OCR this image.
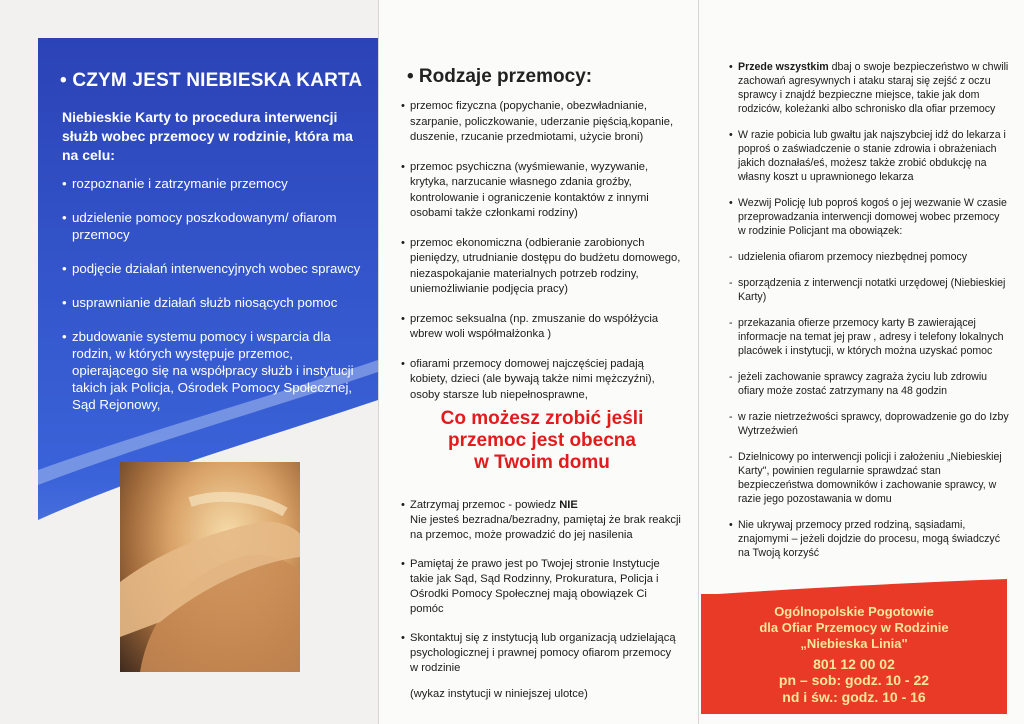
• CZYM JEST NIEBIESKA KARTA
Niebieskie Karty to procedura interwencji służb wobec przemocy w rodzinie, która ma na celu:
• rozpoznanie i zatrzymanie przemocy
• udzielenie pomocy poszkodowanym/ ofiarom przemocy
• podjęcie działań interwencyjnych wobec sprawcy
• usprawnianie działań służb niosących pomoc
• zbudowanie systemu pomocy i wsparcia dla rodzin, w których występuje przemoc, opierającego się na współpracy służb i instytucji takich jak Policja, Ośrodek Pomocy Społecznej, Sąd Rejonowy,
• Rodzaje przemocy:
• przemoc fizyczna (popychanie, obezwładnianie, szarpanie, policzkowanie, uderzanie pięścią,kopanie, duszenie, rzucanie przedmiotami, użycie broni)
• przemoc psychiczna (wyśmiewanie, wyzywanie, krytyka, narzucanie własnego zdania groźby, kontrolowanie i ograniczenie kontaktów z innymi osobami także członkami rodziny)
• przemoc ekonomiczna (odbieranie zarobionych pieniędzy, utrudnianie dostępu do budżetu domowego, niezaspokajanie materialnych potrzeb rodziny, uniemożliwianie podjęcia pracy)
• przemoc seksualna (np. zmuszanie do współżycia wbrew woli współmałżonka )
• ofiarami przemocy domowej najczęściej padają kobiety, dzieci (ale bywają także nimi mężczyźni), osoby starsze lub niepełnosprawne,
Co możesz zrobić jeśli
przemoc jest obecna
w Twoim domu
• Zatrzymaj przemoc - powiedz NIE
Nie jesteś bezradna/bezradny, pamiętaj że brak reakcji na przemoc, może prowadzić do jej nasilenia
• Pamiętaj że prawo jest po Twojej stronie Instytucje takie jak Sąd, Sąd Rodzinny, Prokuratura, Policja i Ośrodki Pomocy Społecznej mają obowiązek Ci pomóc
• Skontaktuj się z instytucją lub organizacją udzielającą psychologicznej i prawnej pomocy ofiarom przemocy w rodzinie
(wykaz instytucji w niniejszej ulotce)
• Przede wszystkim dbaj o swoje bezpieczeństwo w chwili zachowań agresywnych i ataku staraj się zejść z oczu sprawcy i znajdź bezpieczne miejsce, takie jak dom rodziców, koleżanki albo schronisko dla ofiar przemocy
• W razie pobicia lub gwałtu jak najszybciej idź do lekarza i poproś o zaświadczenie o stanie zdrowia i obrażeniach jakich doznałaś/eś, możesz także zrobić obdukcję na własny koszt u uprawnionego lekarza
• Wezwij Policję lub poproś kogoś o jej wezwanie W czasie przeprowadzania interwencji domowej wobec przemocy w rodzinie Policjant ma obowiązek:
- udzielenia ofiarom przemocy niezbędnej pomocy
- sporządzenia z interwencji notatki urzędowej (Niebieskiej Karty)
- przekazania ofierze przemocy karty B zawierającej informacje na temat jej praw , adresy i telefony lokalnych placówek i instytucji, w których można uzyskać pomoc
- jeżeli zachowanie sprawcy zagraża życiu lub zdrowiu ofiary może zostać zatrzymany na 48 godzin
- w razie nietrzeźwości sprawcy, doprowadzenie go do Izby Wytrzeźwień
- Dzielnicowy po interwencji policji i założeniu „Niebieskiej Karty", powinien regularnie sprawdzać stan bezpieczeństwa domowników i zachowanie sprawcy, w razie jego pozostawania w domu
• Nie ukrywaj przemocy przed rodziną, sąsiadami, znajomymi – jeżeli dojdzie do procesu, mogą świadczyć na Twoją korzyść
Ogólnopolskie Pogotowie
dla Ofiar Przemocy w Rodzinie
„Niebieska Linia"
801 12 00 02
pn – sob: godz. 10 - 22
nd i św.: godz. 10 - 16
